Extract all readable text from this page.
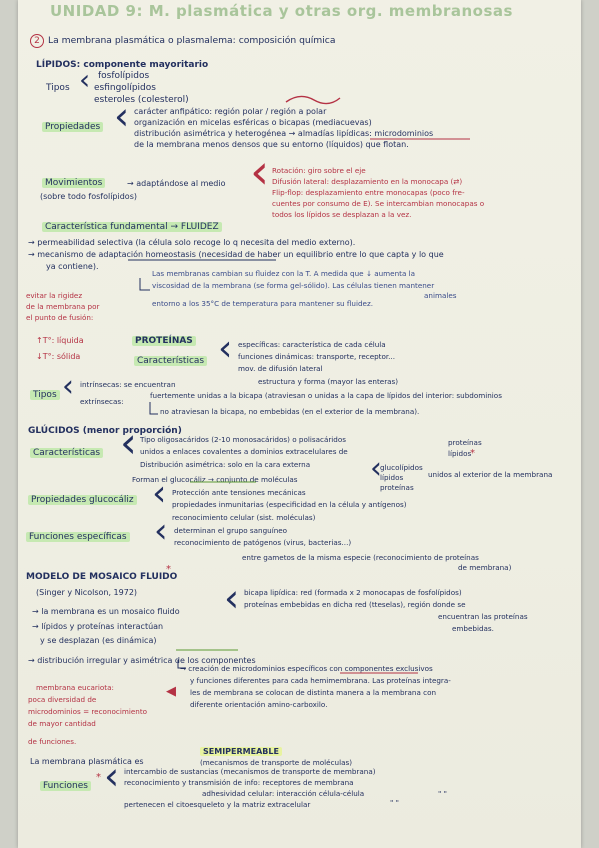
UNIDAD 9: M. plasmática y otras org. membranosas
2 La membrana plasmática o plasmalema: composición química
LÍPIDOS: componente mayoritario
Tipos ‹ fosfolípidos
esfingolípidos
esteroles (colesterol)
Propiedades ‹ carácter anfipático: región polar / región a polar
organización en micelas esféricas o bicapas (mediacuevas)
distribución asimétrica y heterogénea → almadías lipídicas: microdominios
de la membrana menos densos que su entorno (líquidos) que flotan.
Movimientos
(sobre todo fosfolípidos)
→ adaptándose al medio ‹ Rotación: giro sobre el eje
Difusión lateral: desplazamiento en la monocapa (⇄)
Flip-flop: desplazamiento entre monocapas (poco fre-
cuentes por consumo de E). Se intercambian monocapas o
todos los lípidos se desplazan a la vez.
Característica fundamental → FLUIDEZ
→ permeabilidad selectiva (la célula solo recoge lo q necesita del medio externo).
→ mecanismo de adaptación homeostasis (necesidad de haber un equilibrio entre lo que capta y lo que
ya contiene).
Las membranas cambian su fluidez con la T. A medida que ↓ aumenta la
viscosidad de la membrana (se forma gel-sólido). Las células tienen mantener
entorno a los 35°C de temperatura para mantener su fluidez.
animales
evitar la rigidez
de la membrana por
el punto de fusión:
↑T°: líquida
↓T°: sólida
PROTEÍNAS
Características ‹ específicas: característica de cada célula
funciones dinámicas: transporte, receptor...
mov. de difusión lateral
Tipos ‹ intrínsecas: se encuentran
extrínsecas:
estructura y forma (mayor las enteras)
fuertemente unidas a la bicapa (atraviesan o unidas a la capa de lípidos del interior: subdominios
no atraviesan la bicapa, no embebidas (en el exterior de la membrana).
GLÚCIDOS (menor proporción)
Características ‹ Tipo oligosacáridos (2-10 monosacáridos) o polisacáridos
unidos a enlaces covalentes a dominios extracelulares de
Distribución asimétrica: solo en la cara externa
Forman el glucocáliz → conjunto de moléculas
proteínas
lípidos
‹
glucolípidos
lípidos
proteínas
unidos al exterior de la membrana
Propiedades glucocáliz ‹ Protección ante tensiones mecánicas
propiedades inmunitarias (especificidad en la célula y antígenos)
reconocimiento celular (sist. moléculas)
Funciones específicas ‹ determinan el grupo sanguíneo
reconocimiento de patógenos (virus, bacterias...)
entre gametos de la misma especie (reconocimiento de proteínas
de membrana)
MODELO DE MOSAICO FLUIDO
(Singer y Nicolson, 1972)
→ la membrana es un mosaico fluido
→ lípidos y proteínas interactúan
y se desplazan (es dinámica)
‹ bicapa lipídica: red (formada x 2 monocapas de fosfolípidos)
proteínas embebidas en dicha red (tteselas), región donde se
encuentran las proteínas
embebidas.
→ distribución irregular y asimétrica de los componentes
→ creación de microdominios específicos con componentes exclusivos
y funciones diferentes para cada hemimembrana. Las proteínas integra-
les de membrana se colocan de distinta manera a la membrana con
diferente orientación amino-carboxilo.
membrana eucariota:
poca diversidad de
microdominios = reconocimiento
de mayor cantidad
de funciones.
◀
La membrana plasmática es
SEMIPERMEABLE
(mecanismos de transporte de moléculas)
Funciones ‹ intercambio de sustancias (mecanismos de transporte de membrana)
reconocimiento y transmisión de info: receptores de membrana
adhesividad celular: interacción célula-célula
pertenecen el citoesqueleto y la matriz extracelular
" "
" "
*
*
*
